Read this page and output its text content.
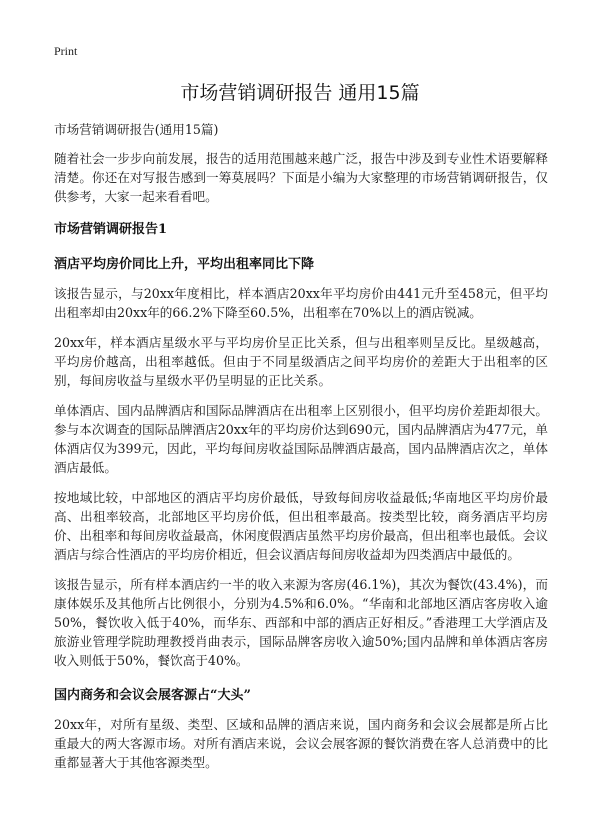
Print
市场营销调研报告 通用15篇

市场营销调研报告(通用15篇)

随着社会一步步向前发展，报告的适用范围越来越广泛，报告中涉及到专业性术语要解释清楚。你还在对写报告感到一筹莫展吗？下面是小编为大家整理的市场营销调研报告，仅供参考，大家一起来看看吧。

市场营销调研报告1
酒店平均房价同比上升，平均出租率同比下降

该报告显示，与20xx年度相比，样本酒店20xx年平均房价由441元升至458元，但平均出租率却由20xx年的66.2%下降至60.5%，出租率在70%以上的酒店锐减。

20xx年，样本酒店星级水平与平均房价呈正比关系，但与出租率则呈反比。星级越高，平均房价越高，出租率越低。但由于不同星级酒店之间平均房价的差距大于出租率的区别，每间房收益与星级水平仍呈明显的正比关系。

单体酒店、国内品牌酒店和国际品牌酒店在出租率上区别很小，但平均房价差距却很大。参与本次调查的国际品牌酒店20xx年的平均房价达到690元，国内品牌酒店为477元，单体酒店仅为399元，因此，平均每间房收益国际品牌酒店最高，国内品牌酒店次之，单体酒店最低。

按地域比较，中部地区的酒店平均房价最低，导致每间房收益最低;华南地区平均房价最高、出租率较高，北部地区平均房价低，但出租率最高。按类型比较，商务酒店平均房价、出租率和每间房收益最高，休闲度假酒店虽然平均房价最高，但出租率也最低。会议酒店与综合性酒店的平均房价相近，但会议酒店每间房收益却为四类酒店中最低的。

该报告显示，所有样本酒店约一半的收入来源为客房(46.1%)，其次为餐饮(43.4%)，而康体娱乐及其他所占比例很小，分别为4.5%和6.0%。“华南和北部地区酒店客房收入逾50%，餐饮收入低于40%，而华东、西部和中部的酒店正好相反。”香港理工大学酒店及旅游业管理学院助理教授肖曲表示，国际品牌客房收入逾50%;国内品牌和单体酒店客房收入则低于50%，餐饮高于40%。

国内商务和会议会展客源占“大头”

20xx年，对所有星级、类型、区域和品牌的酒店来说，国内商务和会议会展都是所占比重最大的两大客源市场。对所有酒店来说，会议会展客源的餐饮消费在客人总消费中的比重都显著大于其他客源类型。
